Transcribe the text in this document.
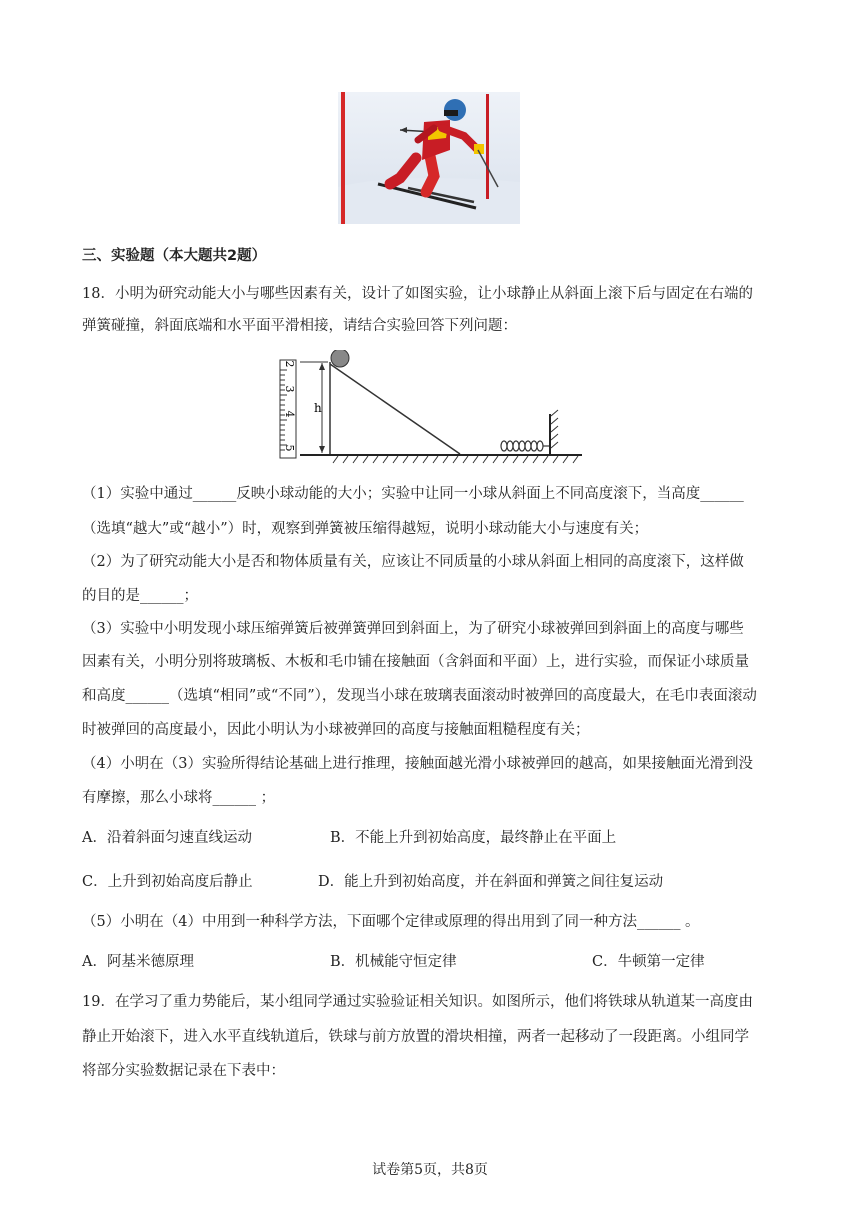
三、实验题（本大题共2题）
18．小明为研究动能大小与哪些因素有关，设计了如图实验，让小球静止从斜面上滚下后与固定在右端的
弹簧碰撞，斜面底端和水平面平滑相接，请结合实验回答下列问题：
2
3
4
5
h
（1）实验中通过______反映小球动能的大小；实验中让同一小球从斜面上不同高度滚下，当高度______
（选填“越大”或“越小”）时，观察到弹簧被压缩得越短，说明小球动能大小与速度有关；
（2）为了研究动能大小是否和物体质量有关，应该让不同质量的小球从斜面上相同的高度滚下，这样做
的目的是______；
（3）实验中小明发现小球压缩弹簧后被弹簧弹回到斜面上，为了研究小球被弹回到斜面上的高度与哪些
因素有关，小明分别将玻璃板、木板和毛巾铺在接触面（含斜面和平面）上，进行实验，而保证小球质量
和高度______（选填“相同”或“不同”），发现当小球在玻璃表面滚动时被弹回的高度最大，在毛巾表面滚动
时被弹回的高度最小，因此小明认为小球被弹回的高度与接触面粗糙程度有关；
（4）小明在（3）实验所得结论基础上进行推理，接触面越光滑小球被弹回的越高，如果接触面光滑到没
有摩擦，那么小球将______ ；
A．沿着斜面匀速直线运动	B．不能上升到初始高度，最终静止在平面上
C．上升到初始高度后静止	D．能上升到初始高度，并在斜面和弹簧之间往复运动
（5）小明在（4）中用到一种科学方法，下面哪个定律或原理的得出用到了同一种方法______ 。
A．阿基米德原理	B．机械能守恒定律	C．牛顿第一定律
19．在学习了重力势能后，某小组同学通过实验验证相关知识。如图所示，他们将铁球从轨道某一高度由
静止开始滚下，进入水平直线轨道后，铁球与前方放置的滑块相撞，两者一起移动了一段距离。小组同学
将部分实验数据记录在下表中：
试卷第5页，共8页
